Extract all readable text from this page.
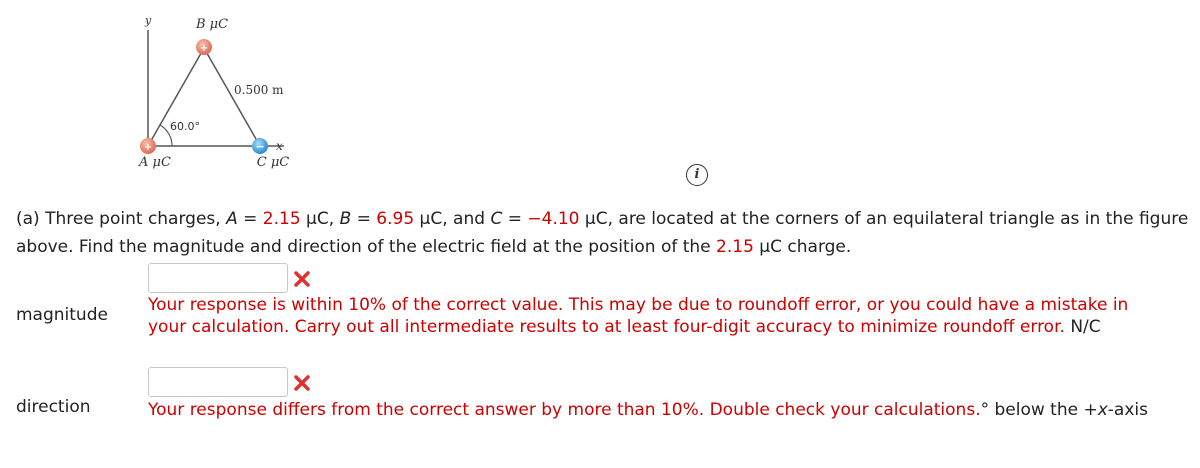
y
x
60.0°
0.500 m
+
B μC
+
A μC
−
C μC
i
(a) Three point charges, A = 2.15 μC, B = 6.95 μC, and C = −4.10 μC, are located at the corners of an equilateral triangle as in the figure above. Find the magnitude and direction of the electric field at the position of the 2.15 μC charge.
magnitude Your response is within 10% of the correct value. This may be due to roundoff error, or you could have a mistake in your calculation. Carry out all intermediate results to at least four-digit accuracy to minimize roundoff error. N/C
direction	Your response differs from the correct answer by more than 10%. Double check your calculations.° below the +x-axis
